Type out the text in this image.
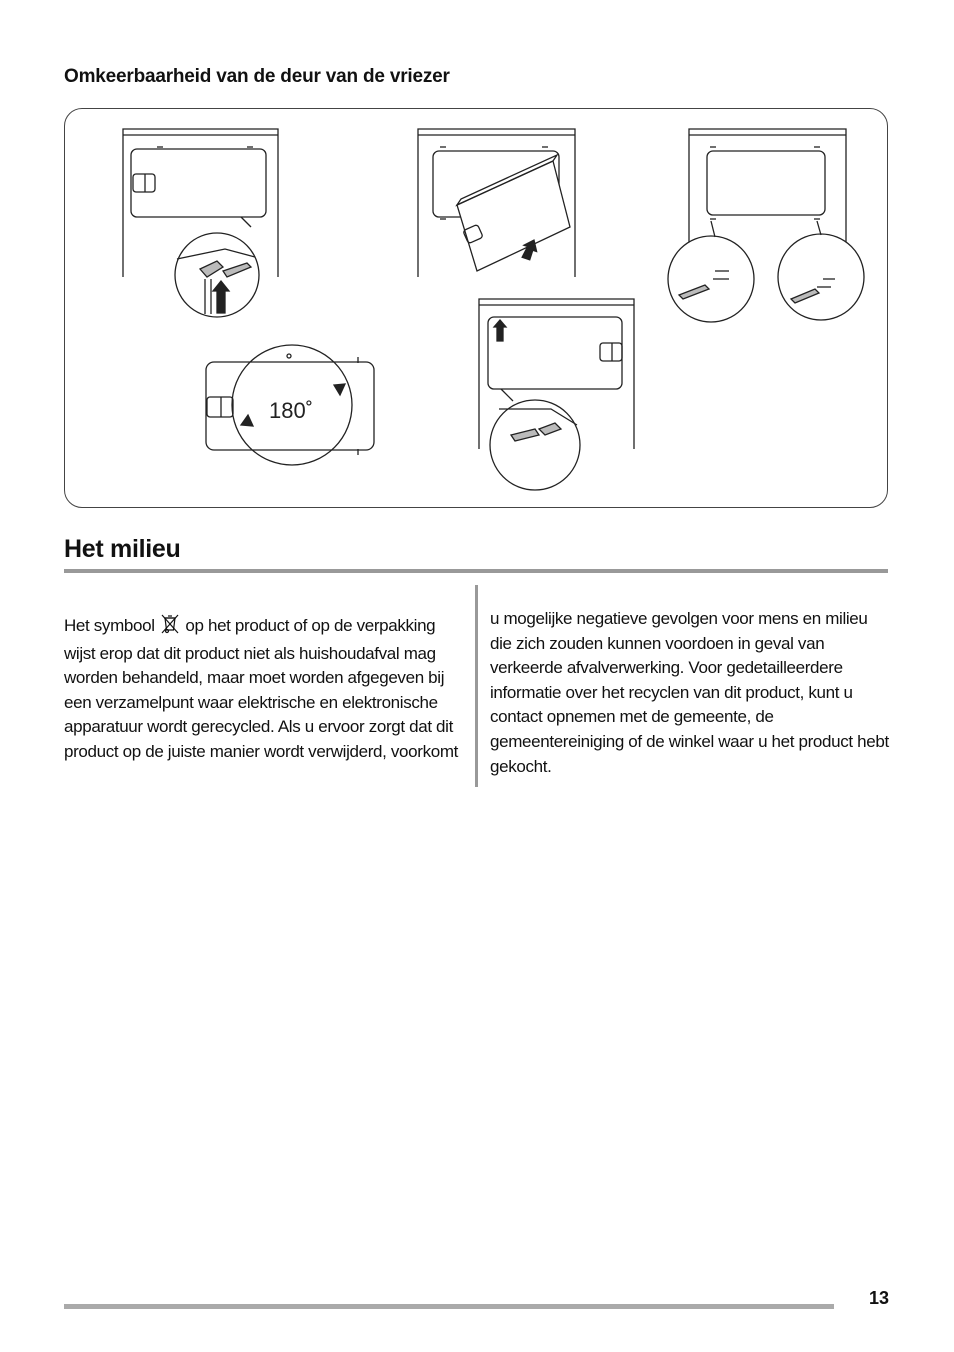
Omkeerbaarheid van de deur van de vriezer
180˚
Het milieu
Het symbool op het product of op de verpakking
wijst erop dat dit product niet als huishoudafval mag
worden behandeld, maar moet worden afgegeven bij
een verzamelpunt waar elektrische en elektronische
apparatuur wordt gerecycled. Als u ervoor zorgt dat dit
product op de juiste manier wordt verwijderd, voorkomt
u mogelijke negatieve gevolgen voor mens en milieu
die zich zouden kunnen voordoen in geval van
verkeerde afvalverwerking. Voor gedetailleerdere
informatie over het recyclen van dit product, kunt u
contact opnemen met de gemeente, de
gemeentereiniging of de winkel waar u het product hebt
gekocht.
13
